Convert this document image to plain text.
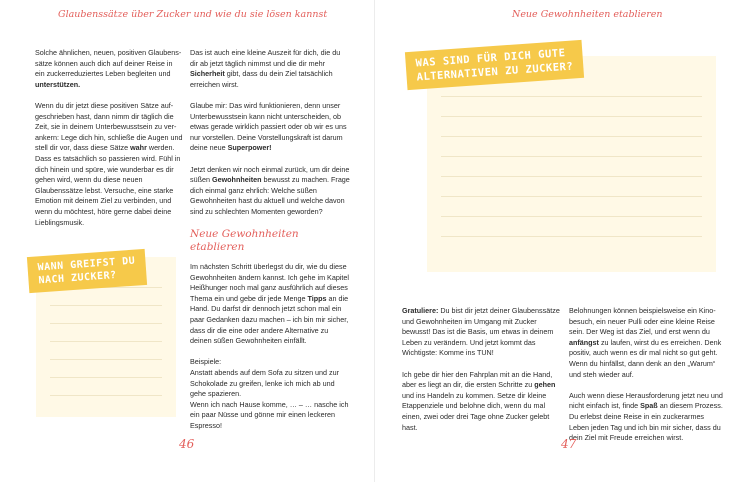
Glaubenssätze über Zucker und wie du sie lösen kannst

Solche ähnlichen, neuen, positiven Glaubenssätze können auch dich auf deiner Reise in ein zuckerreduziertes Leben begleiten und unterstützen.

Wenn du dir jetzt diese positiven Sätze aufgeschrieben hast, dann nimm dir täglich die Zeit, sie in deinem Unterbewusstsein zu verankern: Lege dich hin, schließe die Augen und stell dir vor, dass diese Sätze wahr werden. Dass es tatsächlich so passieren wird. Fühl in dich hinein und spüre, wie wunderbar es dir gehen wird, wenn du diese neuen Glaubenssätze lebst. Versuche, eine starke Emotion mit deinem Ziel zu verbinden, und wenn du möchtest, höre gerne dabei deine Lieblingsmusik.

Das ist auch eine kleine Auszeit für dich, die du dir ab jetzt täglich nimmst und die dir mehr Sicherheit gibt, dass du dein Ziel tatsächlich erreichen wirst.

Glaube mir: Das wird funktionieren, denn unser Unterbewusstsein kann nicht unterscheiden, ob etwas gerade wirklich passiert oder ob wir es uns nur vorstellen. Deine Vorstellungskraft ist darum deine neue Superpower!

Jetzt denken wir noch einmal zurück, um dir deine süßen Gewohnheiten bewusst zu machen. Frage dich einmal ganz ehrlich: Welche süßen Gewohnheiten hast du aktuell und welche davon sind zu schlechten Momenten geworden?

Neue Gewohnheiten etablieren

Im nächsten Schritt überlegst du dir, wie du diese Gewohnheiten ändern kannst. Ich gehe im Kapitel Heißhunger noch mal ganz ausführlich auf dieses Thema ein und gebe dir jede Menge Tipps an die Hand. Du darfst dir dennoch jetzt schon mal ein paar Gedanken dazu machen – ich bin mir sicher, dass dir die eine oder andere Alternative zu deinen süßen Gewohnheiten einfällt.

Beispiele:
Anstatt abends auf dem Sofa zu sitzen und zur Schokolade zu greifen, lenke ich mich ab und gehe spazieren.
Wenn ich nach Hause komme, … – … nasche ich ein paar Nüsse und gönne mir einen leckeren Espresso!

WANN GREIFST DU
NACH ZUCKER?
46
Neue Gewohnheiten etablieren
WAS SIND FÜR DICH GUTE
ALTERNATIVEN ZU ZUCKER?

Gratuliere: Du bist dir jetzt deiner Glaubenssätze und Gewohnheiten im Umgang mit Zucker bewusst! Das ist die Basis, um etwas in deinem Leben zu verändern. Und jetzt kommt das Wichtigste: Komme ins TUN!

Ich gebe dir hier den Fahrplan mit an die Hand, aber es liegt an dir, die ersten Schritte zu gehen und ins Handeln zu kommen. Setze dir kleine Etappenziele und belohne dich, wenn du mal einen, zwei oder drei Tage ohne Zucker gelebt hast.

Belohnungen können beispielsweise ein Kinobesuch, ein neuer Pulli oder eine kleine Reise sein. Der Weg ist das Ziel, und erst wenn du anfängst zu laufen, wirst du es erreichen. Denk positiv, auch wenn es dir mal nicht so gut geht. Wenn du hinfällst, dann denk an den „Warum“ und steh wieder auf.

Auch wenn diese Herausforderung jetzt neu und nicht einfach ist, finde Spaß an diesem Prozess. Du erlebst deine Reise in ein zuckerarmes Leben jeden Tag und ich bin mir sicher, dass du dein Ziel mit Freude erreichen wirst.

47
